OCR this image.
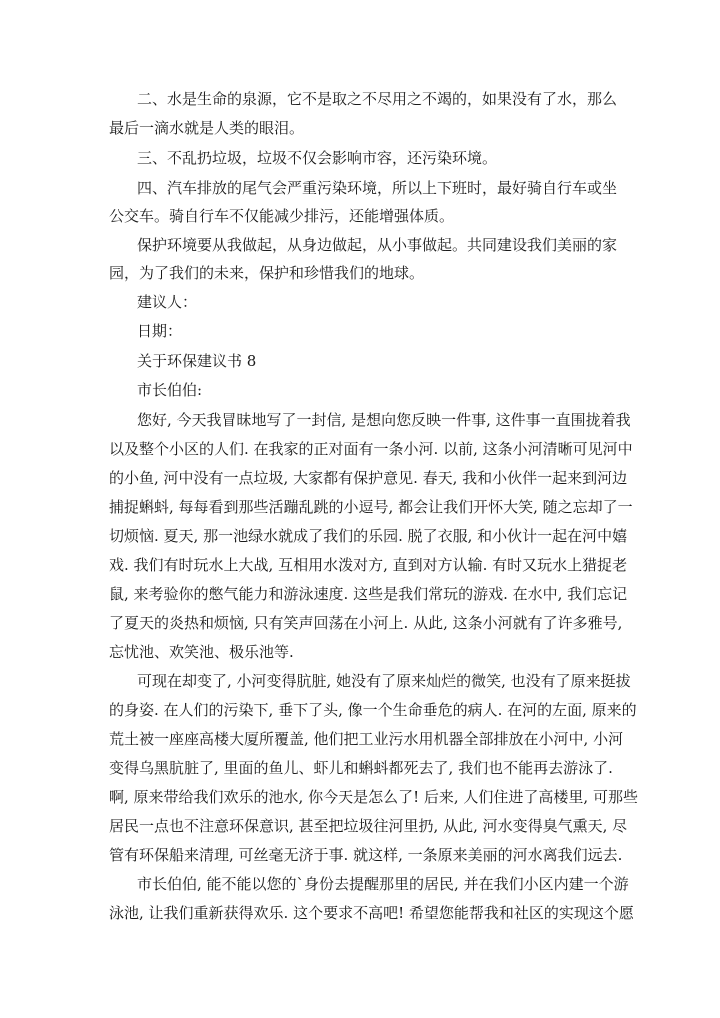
二、水是生命的泉源，它不是取之不尽用之不竭的，如果没有了水，那么
最后一滴水就是人类的眼泪。
三、不乱扔垃圾，垃圾不仅会影响市容，还污染环境。
四、汽车排放的尾气会严重污染环境，所以上下班时，最好骑自行车或坐
公交车。骑自行车不仅能减少排污，还能增强体质。
保护环境要从我做起，从身边做起，从小事做起。共同建设我们美丽的家
园，为了我们的未来，保护和珍惜我们的地球。
建议人：
日期：
关于环保建议书 8
市长伯伯:
您好, 今天我冒昧地写了一封信, 是想向您反映一件事, 这件事一直围拢着我
以及整个小区的人们. 在我家的正对面有一条小河. 以前, 这条小河清晰可见河中
的小鱼, 河中没有一点垃圾, 大家都有保护意见. 春天, 我和小伙伴一起来到河边
捕捉蝌蚪, 每每看到那些活蹦乱跳的小逗号, 都会让我们开怀大笑, 随之忘却了一
切烦恼. 夏天, 那一池绿水就成了我们的乐园. 脱了衣服, 和小伙计一起在河中嬉
戏. 我们有时玩水上大战, 互相用水泼对方, 直到对方认输. 有时又玩水上猎捉老
鼠, 来考验你的憋气能力和游泳速度. 这些是我们常玩的游戏. 在水中, 我们忘记
了夏天的炎热和烦恼, 只有笑声回荡在小河上. 从此, 这条小河就有了许多雅号,
忘忧池、欢笑池、极乐池等.
可现在却变了, 小河变得肮脏, 她没有了原来灿烂的微笑, 也没有了原来挺拔
的身姿. 在人们的污染下, 垂下了头, 像一个生命垂危的病人. 在河的左面, 原来的
荒土被一座座高楼大厦所覆盖, 他们把工业污水用机器全部排放在小河中, 小河
变得乌黑肮脏了, 里面的鱼儿、虾儿和蝌蚪都死去了, 我们也不能再去游泳了.
啊, 原来带给我们欢乐的池水, 你今天是怎么了! 后来, 人们住进了高楼里, 可那些
居民一点也不注意环保意识, 甚至把垃圾往河里扔, 从此, 河水变得臭气熏天, 尽
管有环保船来清理, 可丝毫无济于事. 就这样, 一条原来美丽的河水离我们远去.
市长伯伯, 能不能以您的`身份去提醒那里的居民, 并在我们小区内建一个游
泳池, 让我们重新获得欢乐. 这个要求不高吧! 希望您能帮我和社区的实现这个愿
